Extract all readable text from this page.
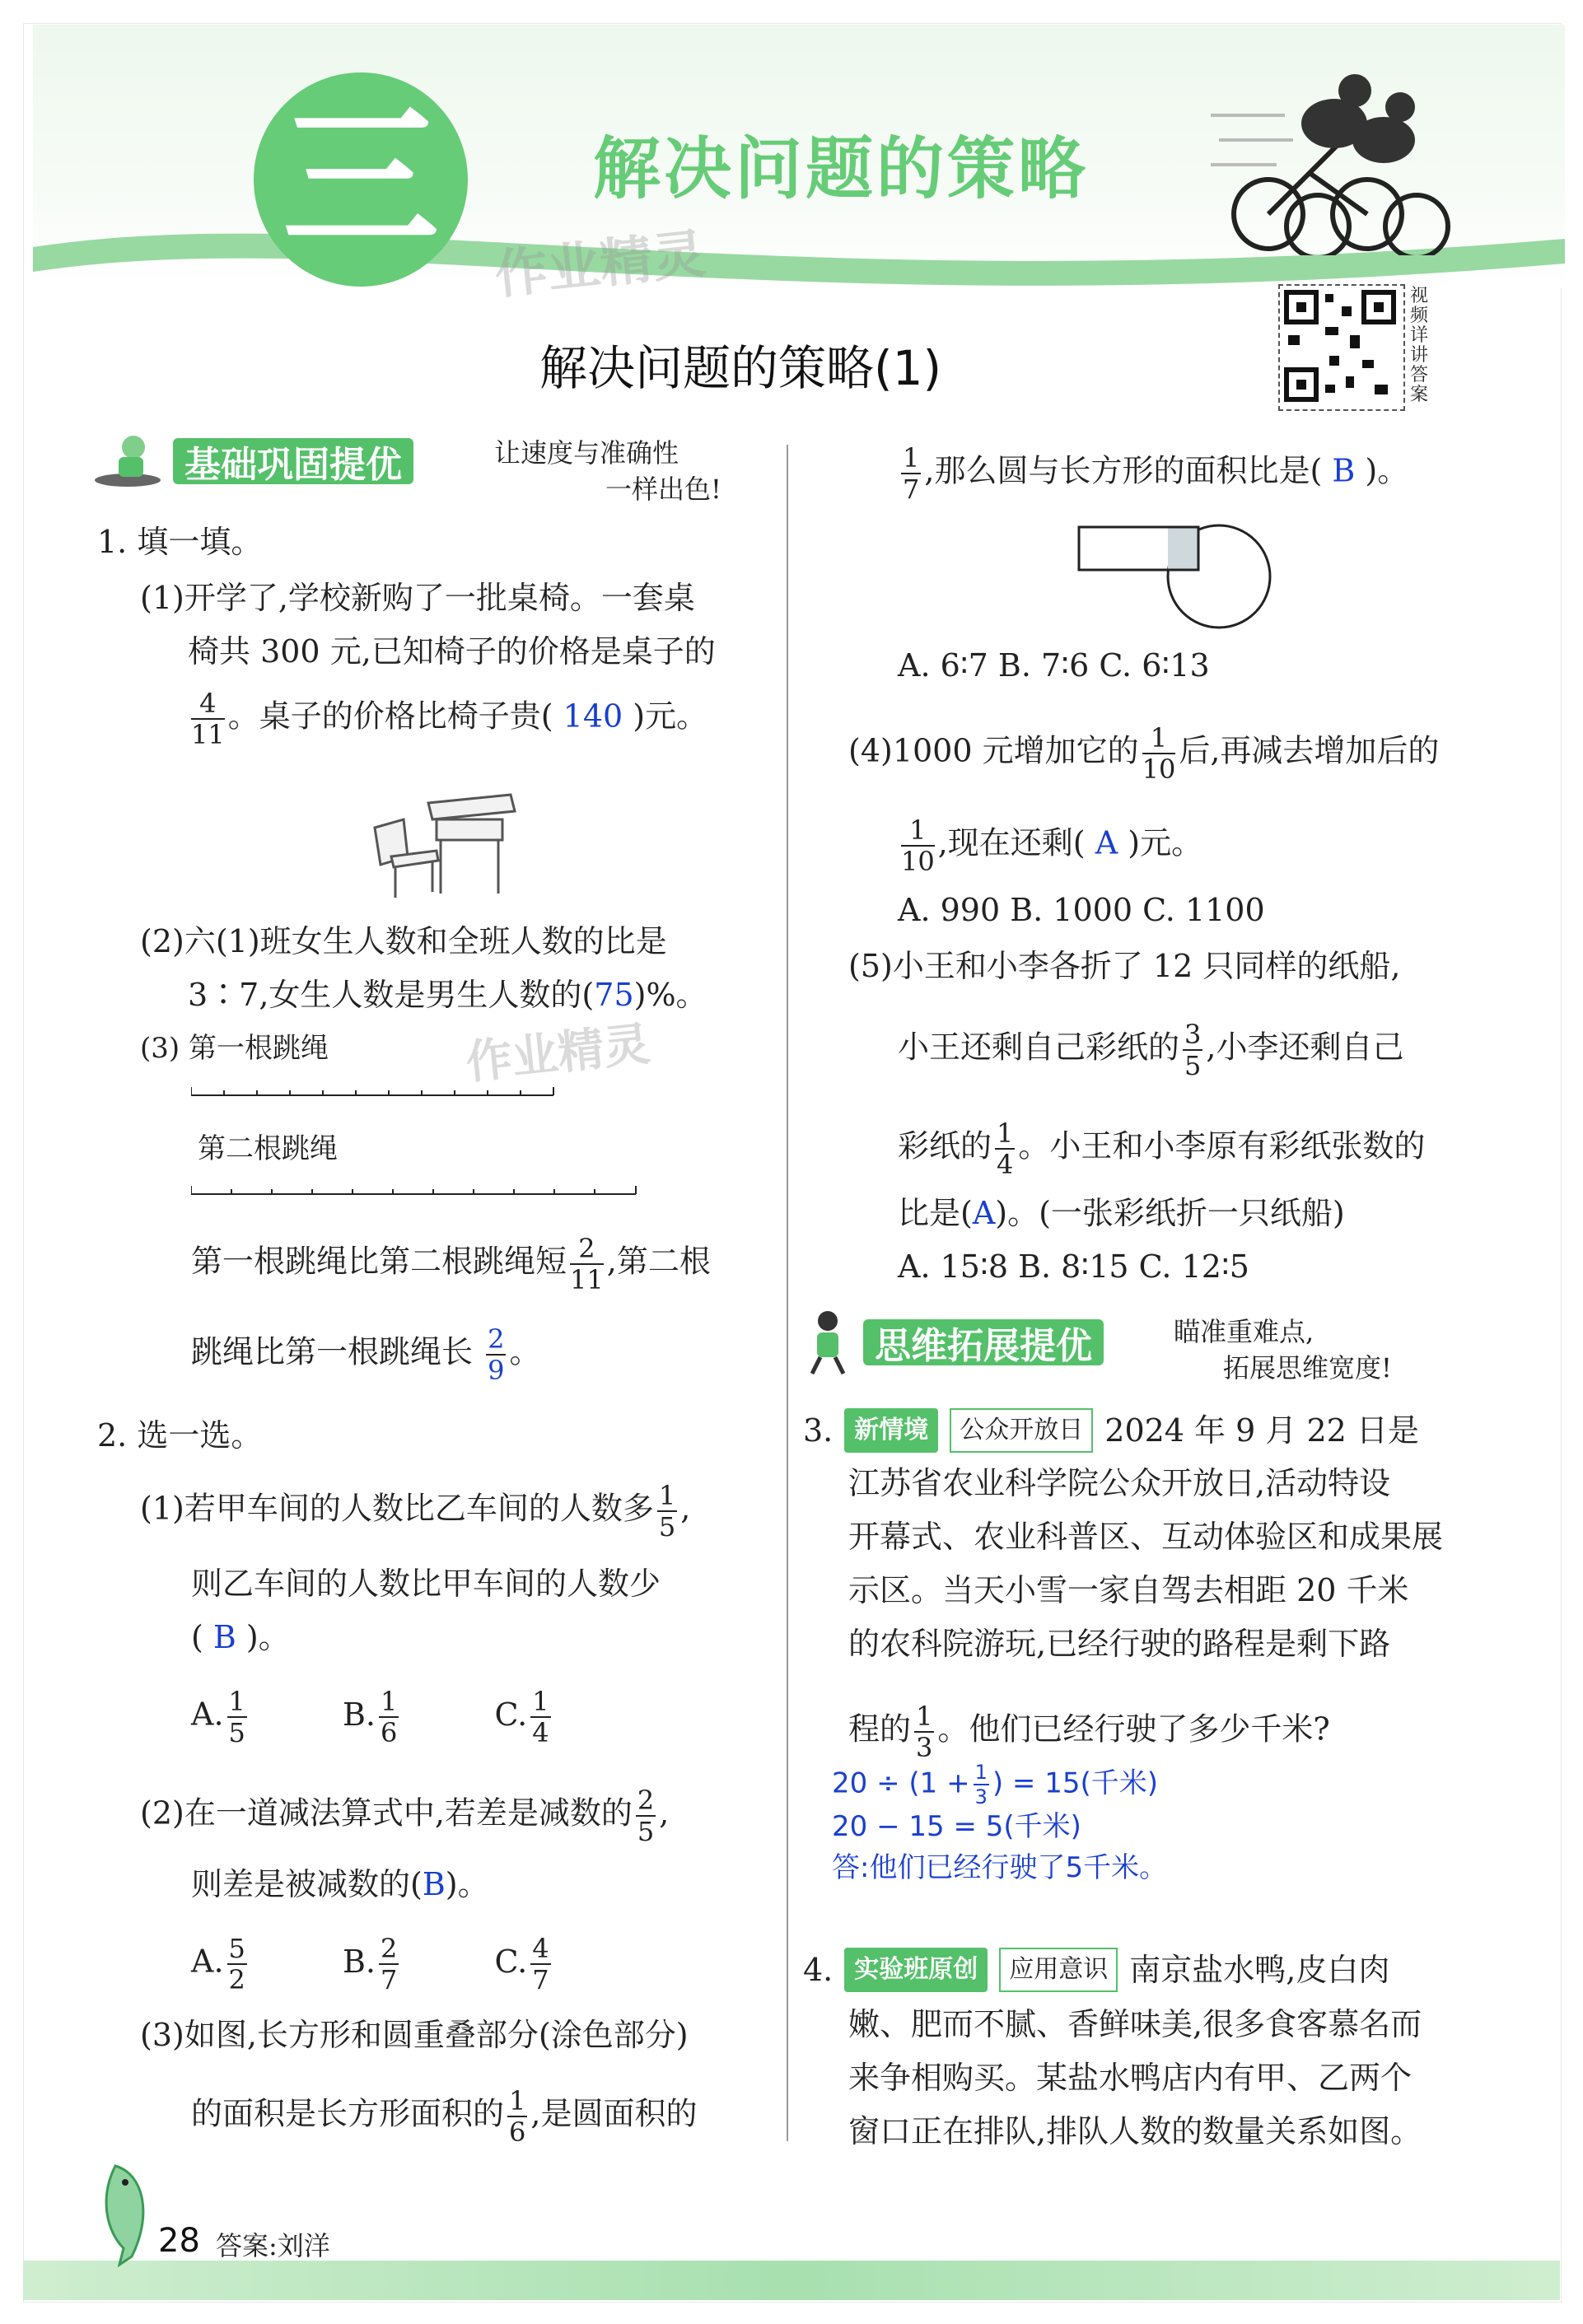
三 解决问题的策略
作业精灵
解决问题的策略(1)
视频详讲答案
基础巩固提优	让速度与准确性
一样出色!
1. 填一填。
(1)开学了,学校新购了一批桌椅。一套桌
椅共 300 元,已知椅子的价格是桌子的
$\frac{4}{11}$ 。桌子的价格比椅子贵( 140 )元。
(2)六(1)班女生人数和全班人数的比是
3∶7,女生人数是男生人数的(75)%。
作业精灵
(3) 第一根跳绳
第二根跳绳
第一根跳绳比第二根跳绳短 $\frac{2}{11}$ ,第二根
跳绳比第一根跳绳长 $\frac{2}{9}$ 。
2. 选一选。
(1)若甲车间的人数比乙车间的人数多 $\frac{1}{5}$ ,
则乙车间的人数比甲车间的人数少
( B )。
A. $\frac{1}{5}$	B. $\frac{1}{6}$	C. $\frac{1}{4}$
(2)在一道减法算式中,若差是减数的 $\frac{2}{5}$ ,
则差是被减数的(B)。
A. $\frac{5}{2}$	B. $\frac{2}{7}$	C. $\frac{4}{7}$
(3)如图,长方形和圆重叠部分(涂色部分)
的面积是长方形面积的 $\frac{1}{6}$ ,是圆面积的
$\frac{1}{7}$ ,那么圆与长方形的面积比是( B )。
A. 6∶7 B. 7∶6 C. 6∶13
(4)1000 元增加它的 $\frac{1}{10}$ 后,再减去增加后的
$\frac{1}{10}$ ,现在还剩( A )元。
A. 990 B. 1000 C. 1100
(5)小王和小李各折了 12 只同样的纸船,
小王还剩自己彩纸的 $\frac{3}{5}$ ,小李还剩自己
彩纸的 $\frac{1}{4}$ 。小王和小李原有彩纸张数的
比是(A)。(一张彩纸折一只纸船)
A. 15∶8 B. 8∶15 C. 12∶5
思维拓展提优	瞄准重难点,
拓展思维宽度!
3. 新情境	公众开放日 2024 年 9 月 22 日是
江苏省农业科学院公众开放日,活动特设
开幕式、农业科普区、互动体验区和成果展
示区。当天小雪一家自驾去相距 20 千米
的农科院游玩,已经行驶的路程是剩下路
程的 $\frac{1}{3}$ 。他们已经行驶了多少千米?
$20 \div (1 + \frac{1}{3}$ ) = 15(千米)
20 − 15 = 5(千米)
答:他们已经行驶了5千米。
4. 实验班原创	应用意识 南京盐水鸭,皮白肉
嫩、肥而不腻、香鲜味美,很多食客慕名而
来争相购买。某盐水鸭店内有甲、乙两个
窗口正在排队,排队人数的数量关系如图。
28 答案:刘洋
